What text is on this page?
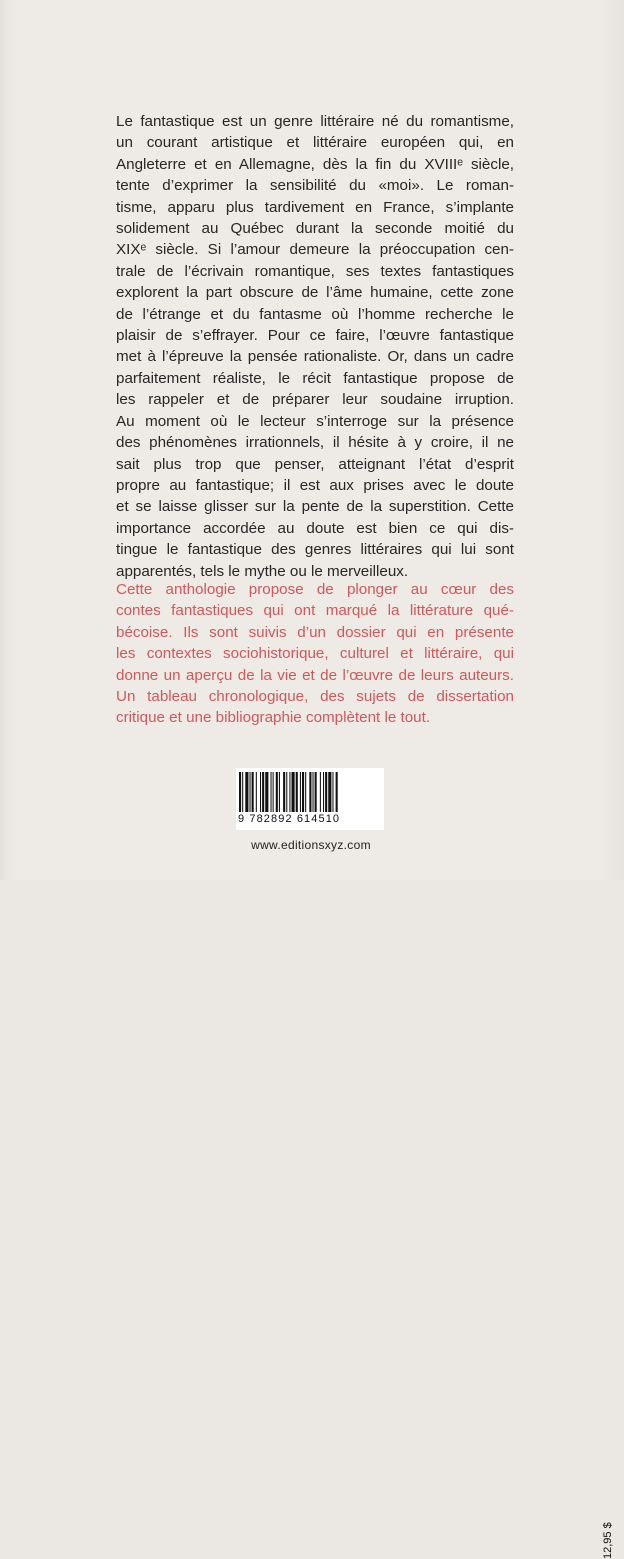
Le fantastique est un genre littéraire né du romantisme,
un courant artistique et littéraire européen qui, en
Angleterre et en Allemagne, dès la fin du XVIIIᵉ siècle,
tente d’exprimer la sensibilité du «moi». Le roman-
tisme, apparu plus tardivement en France, s’implante
solidement au Québec durant la seconde moitié du
XIXᵉ siècle. Si l’amour demeure la préoccupation cen-
trale de l’écrivain romantique, ses textes fantastiques
explorent la part obscure de l’âme humaine, cette zone
de l’étrange et du fantasme où l’homme recherche le
plaisir de s’effrayer. Pour ce faire, l’œuvre fantastique
met à l’épreuve la pensée rationaliste. Or, dans un cadre
parfaitement réaliste, le récit fantastique propose de
les rappeler et de préparer leur soudaine irruption.
Au moment où le lecteur s’interroge sur la présence
des phénomènes irrationnels, il hésite à y croire, il ne
sait plus trop que penser, atteignant l’état d’esprit
propre au fantastique; il est aux prises avec le doute
et se laisse glisser sur la pente de la superstition. Cette
importance accordée au doute est bien ce qui dis-
tingue le fantastique des genres littéraires qui lui sont
apparentés, tels le mythe ou le merveilleux.
Cette anthologie propose de plonger au cœur des
contes fantastiques qui ont marqué la littérature qué-
bécoise. Ils sont suivis d’un dossier qui en présente
les contextes sociohistorique, culturel et littéraire, qui
donne un aperçu de la vie et de l’œuvre de leurs auteurs.
Un tableau chronologique, des sujets de dissertation
critique et une bibliographie complètent le tout.
9 782892 614510
12,95 $
www.editionsxyz.com
